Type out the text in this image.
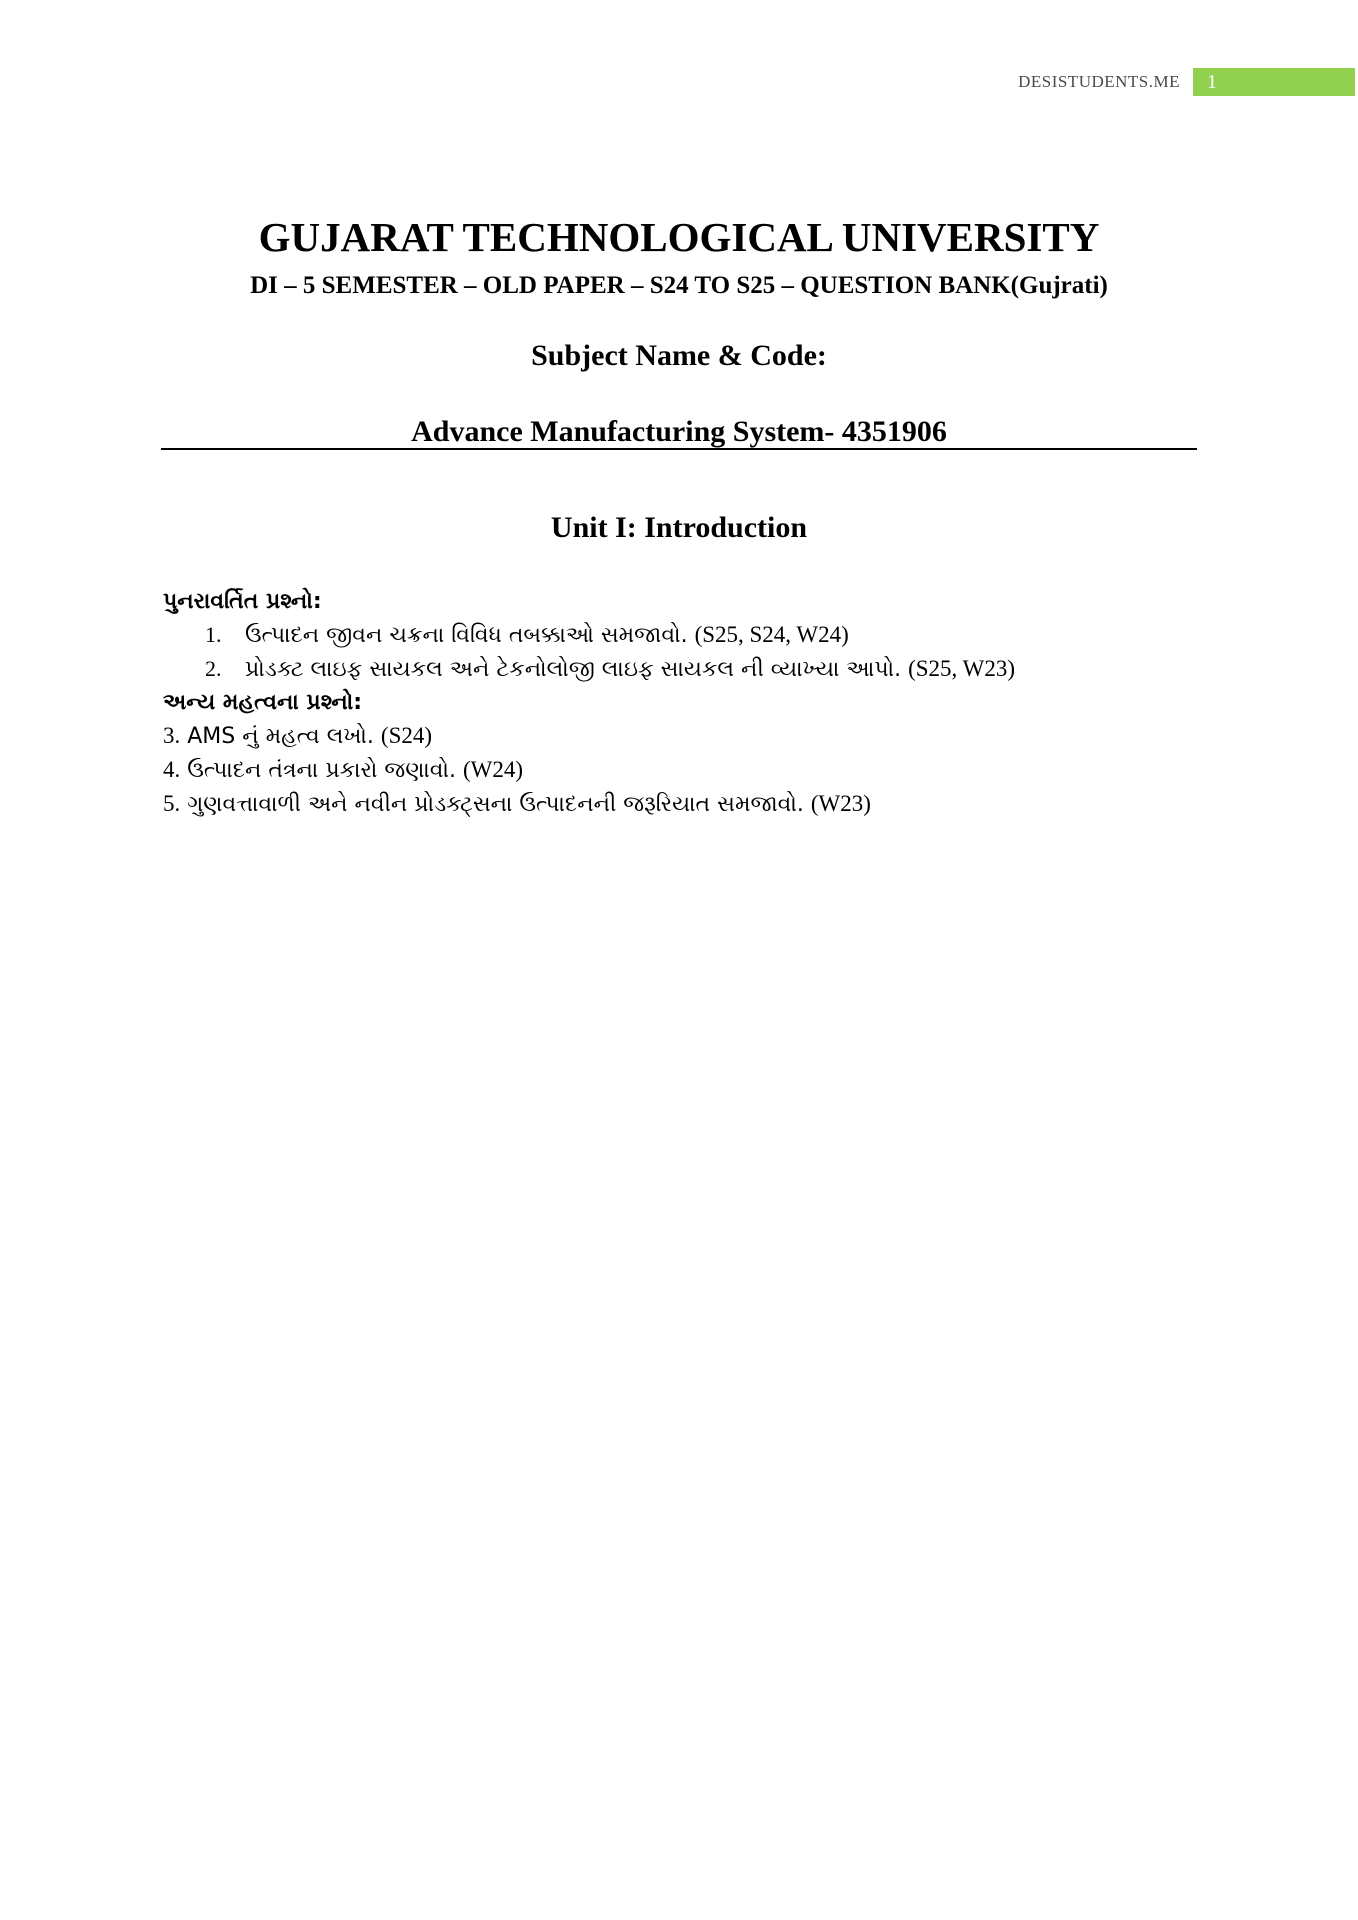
DESISTUDENTS.ME	1
GUJARAT TECHNOLOGICAL UNIVERSITY
DI – 5 SEMESTER – OLD PAPER – S24 TO S25 – QUESTION BANK(Gujrati)
Subject Name & Code:
Advance Manufacturing System- 4351906
Unit I: Introduction

પુનરાવર્તિત પ્રશ્નો:

1.	ઉત્પાદન જીવન ચક્રના વિવિધ તબક્કાઓ સમજાવો. (S25, S24, W24)
2.	પ્રોડક્ટ લાઇફ સાયકલ અને ટેકનોલોજી લાઇફ સાયકલ ની વ્યાખ્યા આપો. (S25, W23)

અન્ય મહત્વના પ્રશ્નો:

3. AMS નું મહત્વ લખો. (S24)

4. ઉત્પાદન તંત્રના પ્રકારો જણાવો. (W24)

5. ગુણવત્તાવાળી અને નવીન પ્રોડક્ટ્સના ઉત્પાદનની જરૂરિયાત સમજાવો. (W23)
